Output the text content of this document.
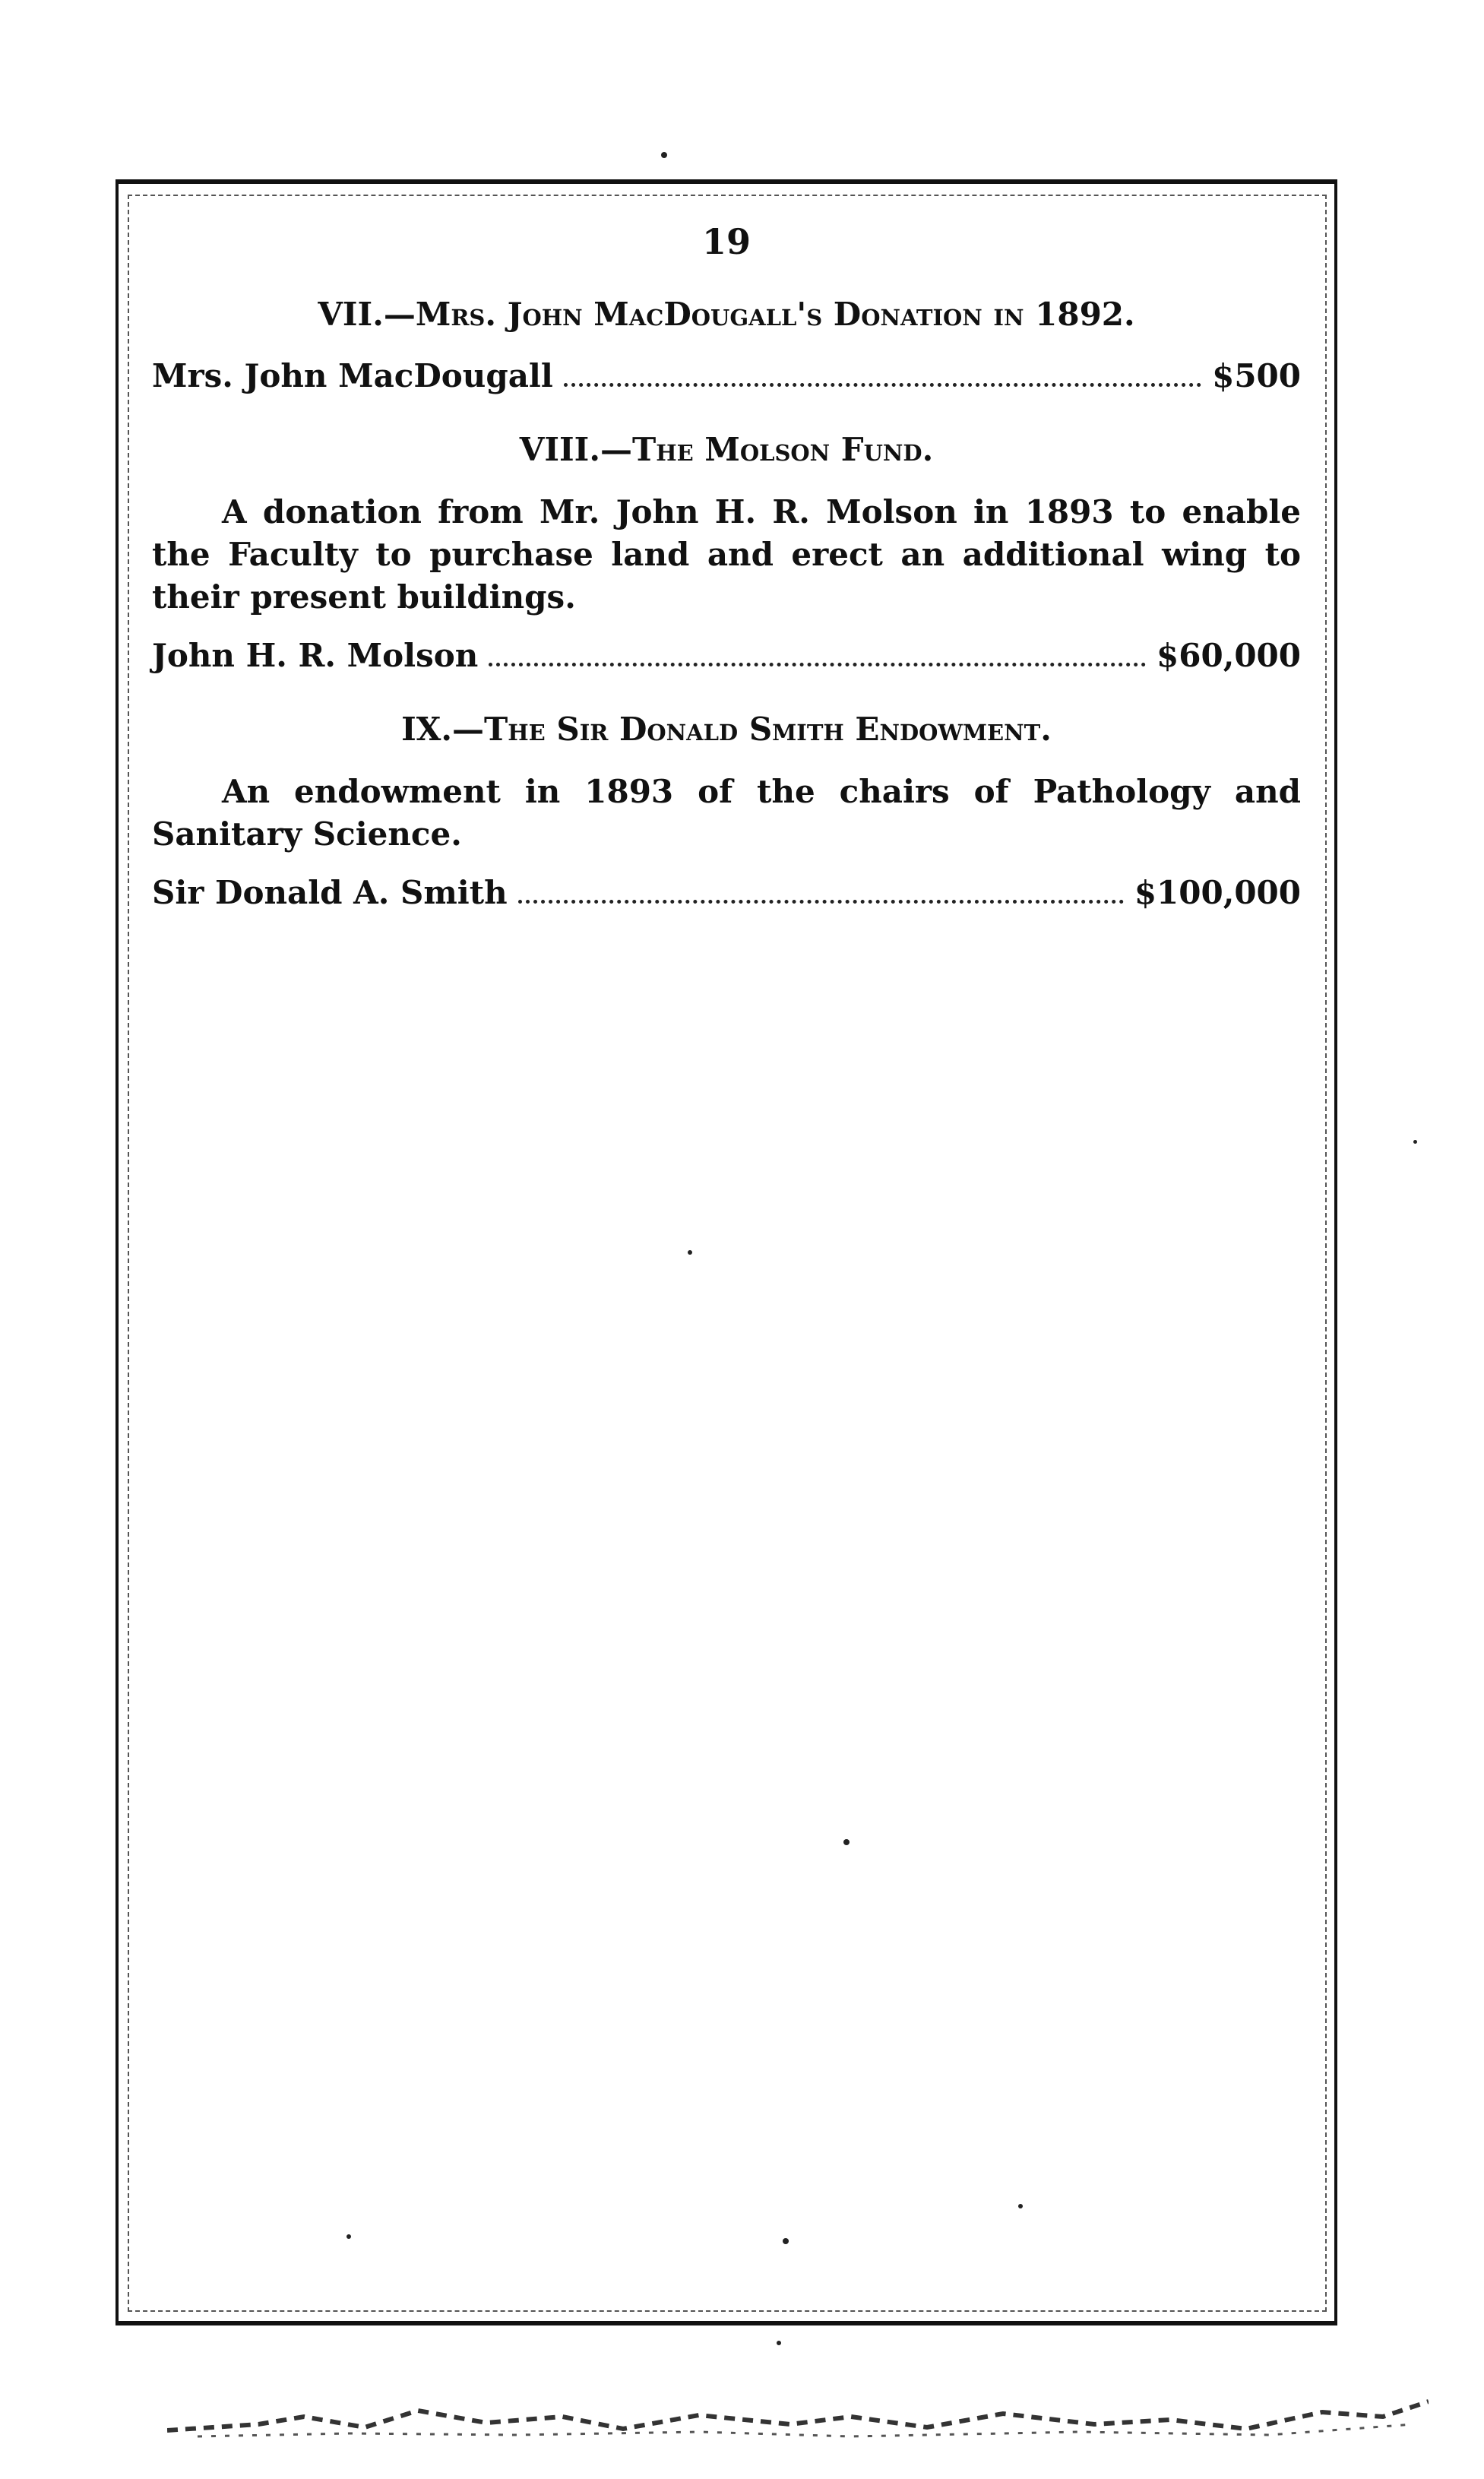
19
VII.—Mrs. John MacDougall's Donation in 1892.
Mrs. John MacDougall	$500
VIII.—The Molson Fund.

A donation from Mr. John H. R. Molson in 1893 to enable the Faculty to purchase land and erect an additional wing to their present buildings.

John H. R. Molson	$60,000
IX.—The Sir Donald Smith Endowment.

An endowment in 1893 of the chairs of Pathology and Sanitary Science.

Sir Donald A. Smith	$100,000
